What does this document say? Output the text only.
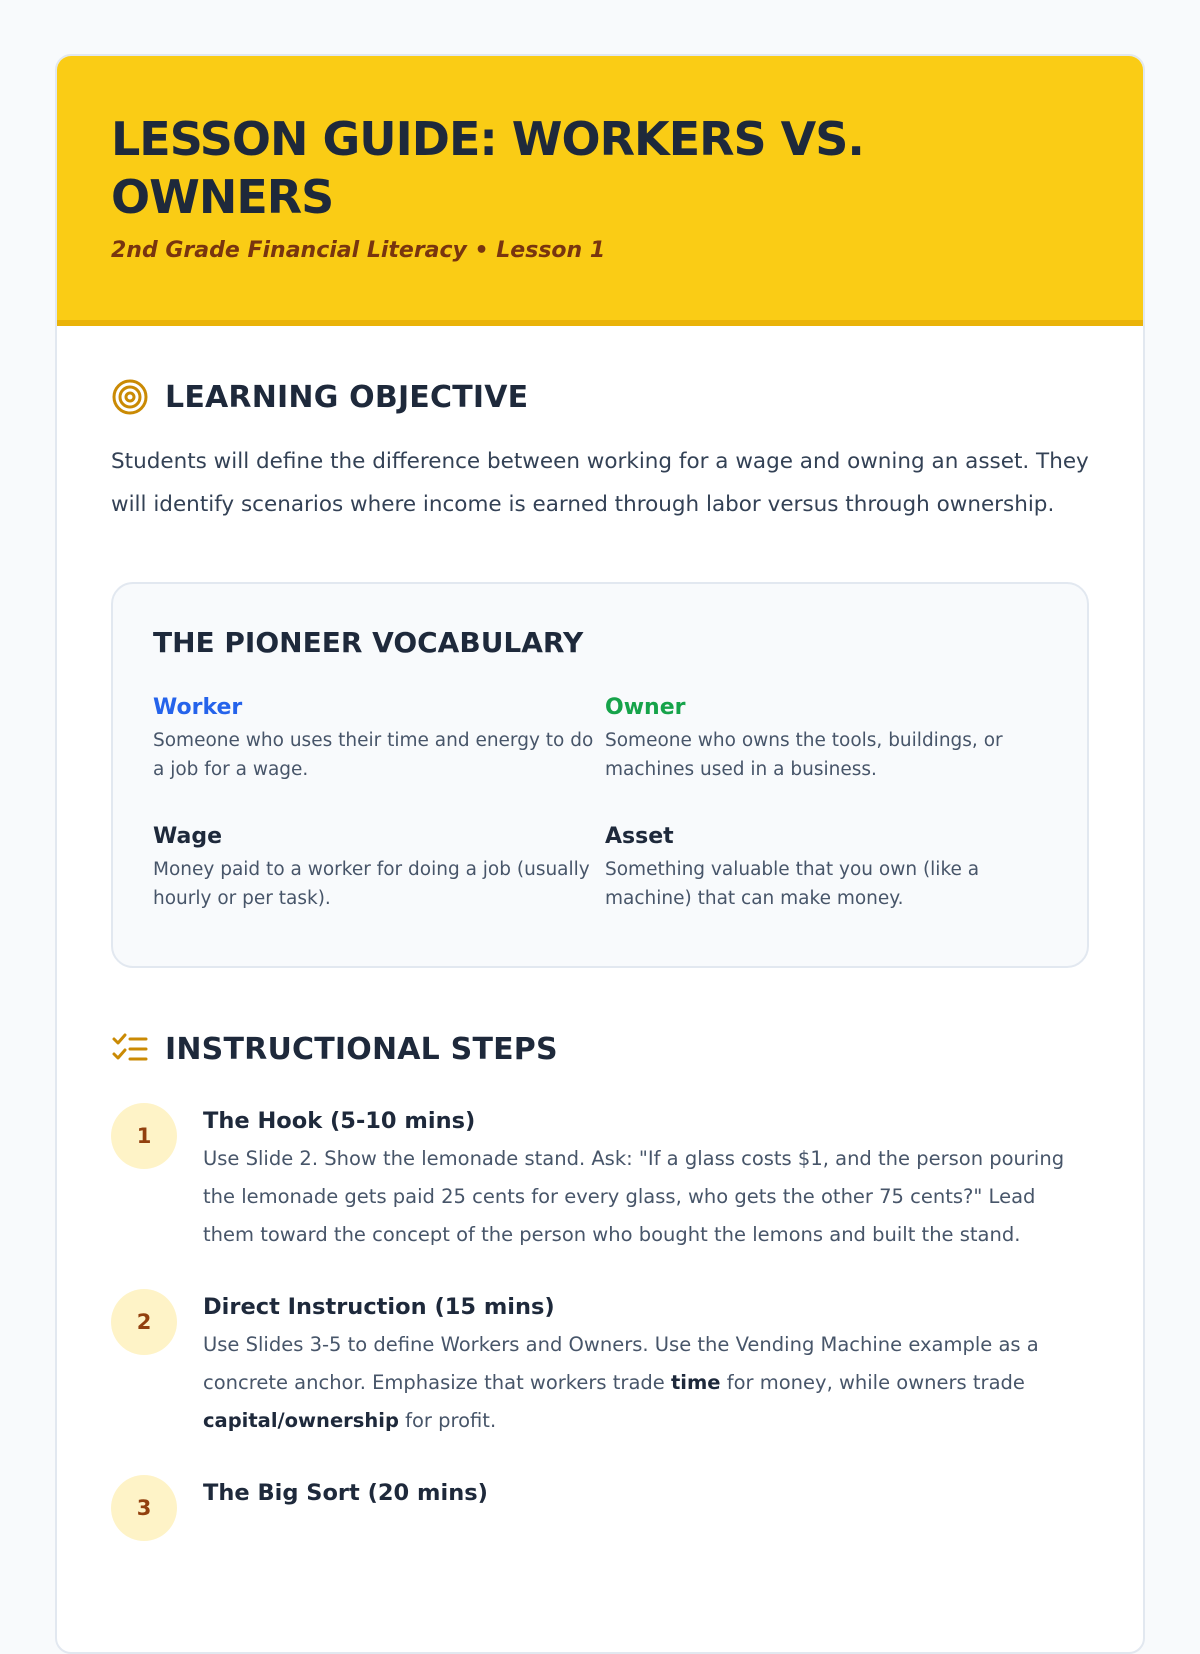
LESSON GUIDE: WORKERS VS. OWNERS
2nd Grade Financial Literacy • Lesson 1
LEARNING OBJECTIVE

Students will define the difference between working for a wage and owning an asset. They will identify scenarios where income is earned through labor versus through ownership.

THE PIONEER VOCABULARY
Worker
Someone who uses their time and energy to do a job for a wage.
Owner
Someone who owns the tools, buildings, or machines used in a business.
Wage
Money paid to a worker for doing a job (usually hourly or per task).
Asset
Something valuable that you own (like a machine) that can make money.
INSTRUCTIONAL STEPS
1
The Hook (5-10 mins)
Use Slide 2. Show the lemonade stand. Ask: "If a glass costs $1, and the person pouring the lemonade gets paid 25 cents for every glass, who gets the other 75 cents?" Lead them toward the concept of the person who bought the lemons and built the stand.
2
Direct Instruction (15 mins)
Use Slides 3-5 to define Workers and Owners. Use the Vending Machine example as a concrete anchor. Emphasize that workers trade time for money, while owners trade capital/ownership for profit.
3
The Big Sort (20 mins)
